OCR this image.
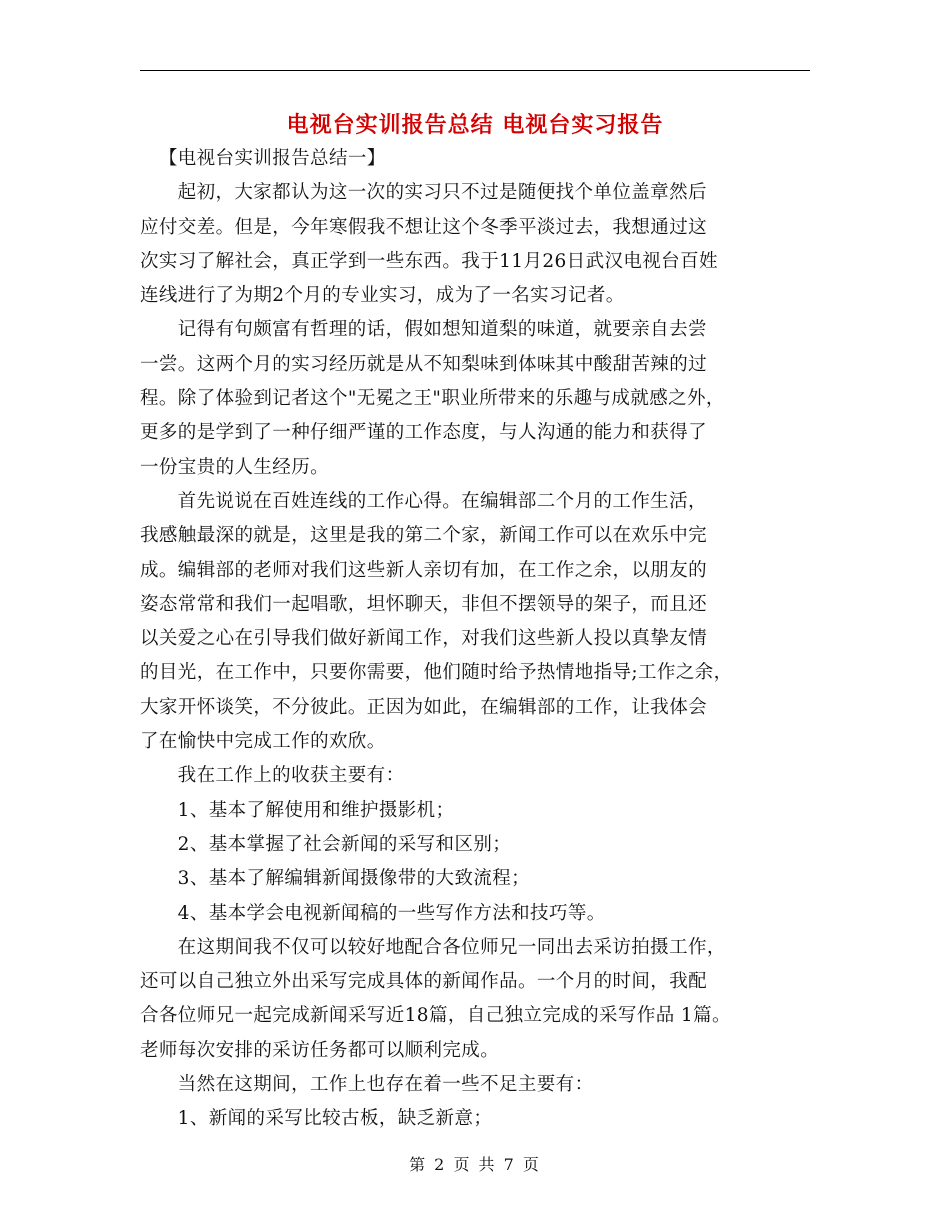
电视台实训报告总结 电视台实习报告
【电视台实训报告总结一】
起初，大家都认为这一次的实习只不过是随便找个单位盖章然后
应付交差。但是，今年寒假我不想让这个冬季平淡过去，我想通过这
次实习了解社会，真正学到一些东西。我于11月26日武汉电视台百姓
连线进行了为期2个月的专业实习，成为了一名实习记者。
记得有句颇富有哲理的话，假如想知道梨的味道，就要亲自去尝
一尝。这两个月的实习经历就是从不知梨味到体味其中酸甜苦辣的过
程。除了体验到记者这个"无冕之王"职业所带来的乐趣与成就感之外，
更多的是学到了一种仔细严谨的工作态度，与人沟通的能力和获得了
一份宝贵的人生经历。
首先说说在百姓连线的工作心得。在编辑部二个月的工作生活，
我感触最深的就是，这里是我的第二个家，新闻工作可以在欢乐中完
成。编辑部的老师对我们这些新人亲切有加，在工作之余，以朋友的
姿态常常和我们一起唱歌，坦怀聊天，非但不摆领导的架子，而且还
以关爱之心在引导我们做好新闻工作，对我们这些新人投以真挚友情
的目光，在工作中，只要你需要，他们随时给予热情地指导;工作之余，
大家开怀谈笑，不分彼此。正因为如此，在编辑部的工作，让我体会
了在愉快中完成工作的欢欣。
我在工作上的收获主要有：
1、基本了解使用和维护摄影机；
2、基本掌握了社会新闻的采写和区别；
3、基本了解编辑新闻摄像带的大致流程；
4、基本学会电视新闻稿的一些写作方法和技巧等。
在这期间我不仅可以较好地配合各位师兄一同出去采访拍摄工作，
还可以自己独立外出采写完成具体的新闻作品。一个月的时间，我配
合各位师兄一起完成新闻采写近18篇，自己独立完成的采写作品 1篇。
老师每次安排的采访任务都可以顺利完成。
当然在这期间，工作上也存在着一些不足主要有：
1、新闻的采写比较古板，缺乏新意；
第 2 页 共 7 页
